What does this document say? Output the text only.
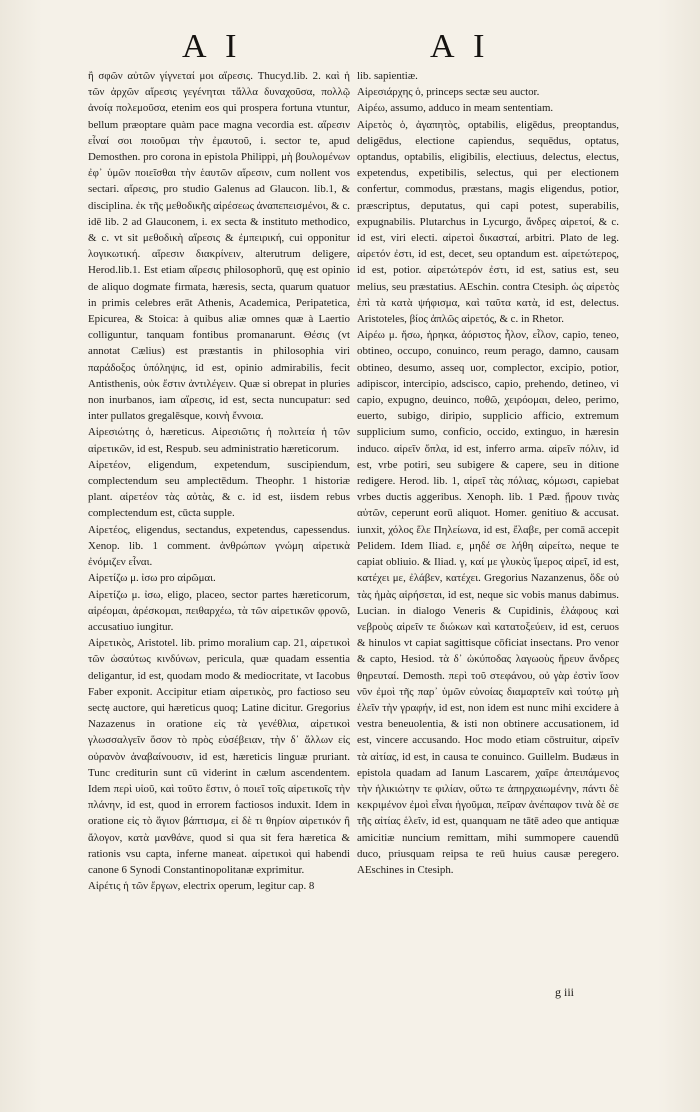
A I	A I

ἢ σφῶν αὐτῶν γίγνεταί μοι αἵρεσις. Thucyd.lib. 2. καὶ ἡ τῶν ἀρχῶν αἵρεσις γεγένηται τἄλλα δυναχοῦσα, πολλῷ ἀνοίᾳ πολεμοῦσα, etenim eos qui prospera fortuna vtuntur, bellum præoptare quàm pace magna vecordia est. αἵρεσιν εἶναί σοι ποιοῦμαι τὴν ἐμαυτοῦ, i. sector te, apud Demosthen. pro corona in epistola Philippi, μὴ βουλομένων ἐφ᾽ ὑμῶν ποιεῖσθαι τὴν ἑαυτῶν αἵρεσιν, cum nollent vos sectari. αἵρεσις, pro studio Galenus ad Glaucon. lib.1, & disciplina. ἐκ τῆς μεθοδικῆς αἱρέσεως ἀναπεπεισμένοι, & c. idē lib. 2 ad Glauconem, i. ex secta & instituto methodico, & c. vt sit μεθοδικὴ αἵρεσις & ἐμπειρική, cui opponitur λογικωτική. αἵρεσιν διακρίνειν, alterutrum deligere, Herod.lib.1. Est etiam αἵρεσις philosophorū, quę est opinio de aliquo dogmate firmata, hæresis, secta, quarum quatuor in primis celebres erāt Athenis, Academica, Peripatetica, Epicurea, & Stoica: à quibus aliæ omnes quæ à Laertio colliguntur, tanquam fontibus promanarunt. Θέσις (vt annotat Cælius) est præstantis in philosophia viri παράδοξος ὑπόληψις, id est, opinio admirabilis, fecit Antisthenis, οὐκ ἔστιν ἀντιλέγειν. Quæ si obrepat in pluries non inurbanos, iam αἵρεσις, id est, secta nuncupatur: sed inter pullatos gregalēsque, κοινὴ ἔννοια.

Αἱρεσιώτης ὁ, hæreticus. Αἱρεσιῶτις ἡ πολιτεία ἡ τῶν αἱρετικῶν, id est, Respub. seu administratio hæreticorum.

Αἱρετέον, eligendum, expetendum, suscipiendum, complectendum seu amplectēdum. Theophr. 1 historiæ plant. αἱρετέον τὰς αὐτὰς, & c. id est, iisdem rebus complectendum est, cūcta supple.

Αἱρετέος, eligendus, sectandus, expetendus, capessendus. Xenop. lib. 1 comment. ἀνθρώπων γνώμη αἱρετικὰ ἐνόμιζεν εἶναι.

Αἱρετίζω μ. ἰσω pro αἱρῶμαι.

Αἱρετίζω μ. ἰσω, eligo, placeo, sector partes hæreticorum, αἱρέομαι, ἀρέσκομαι, πειθαρχέω, τὰ τῶν αἱρετικῶν φρονῶ, accusatiuo iungitur.

Αἱρετικὸς, Aristotel. lib. primo moralium cap. 21, αἱρετικοὶ τῶν ὡσαύτως κινδύνων, pericula, quæ quadam essentia deligantur, id est, quodam modo & mediocritate, vt Iacobus Faber exponit. Accipitur etiam αἱρετικὸς, pro factioso seu sectę auctore, qui hæreticus quoq; Latine dicitur. Gregorius Nazazenus in oratione εἰς τὰ γενέθλια, αἱρετικοὶ γλωσσαλγεῖν ὅσον τὸ πρὸς εὐσέβειαν, τὴν δ᾽ ἄλλων εἰς οὐρανὸν ἀναβαίνουσιν, id est, hæreticis linguæ pruriant. Tunc crediturin sunt cū viderint in cælum ascendentem. Idem περὶ υἱοῦ, καὶ τοῦτο ἔστιν, ὁ ποιεῖ τοῖς αἱρετικοῖς τὴν πλάνην, id est, quod in errorem factiosos induxit. Idem in oratione εἰς τὸ ἅγιον βάπτισμα, εἰ δὲ τι θηρίον αἱρετικόν ἢ ἄλογον, κατὰ μανθάνε, quod si qua sit fera hæretica & rationis vsu capta, inferne maneat. αἱρετικοὶ qui habendi canone 6 Synodi Constantinopolitanæ exprimitur.

Αἱρέτις ἡ τῶν ἔργων, electrix operum, legitur cap. 8

lib. sapientiæ.

Αἱρεσιάρχης ὁ, princeps sectæ seu auctor.

Αἱρέω, assumo, adduco in meam sententiam.

Αἱρετὸς ὁ, ἀγαπητὸς, optabilis, eligēdus, preoptandus, deligēdus, electione capiendus, sequēdus, optatus, optandus, optabilis, eligibilis, electiuus, delectus, electus, expetendus, expetibilis, selectus, qui per electionem confertur, commodus, præstans, magis eligendus, potior, præscriptus, deputatus, qui capi potest, superabilis, expugnabilis. Plutarchus in Lycurgo, ἄνδρες αἱρετοί, & c. id est, viri electi. αἱρετοὶ δικασταί, arbitri. Plato de leg. αἱρετόν ἐστι, id est, decet, seu optandum est. αἱρετώτερος, id est, potior. αἱρετώτερόν ἐστι, id est, satius est, seu melius, seu præstatius. AEschin. contra Ctesiph. ὡς αἱρετὸς ἐπὶ τὰ κατὰ ψήφισμα, καὶ ταῦτα κατὰ, id est, delectus. Aristoteles, βίος ἁπλῶς αἱρετός, & c. in Rhetor.

Αἱρέω μ. ἥσω, ἡρηκα, ἀόριστος ἦλον, εἶλον, capio, teneo, obtineo, occupo, conuinco, reum perago, damno, causam obtineo, desumo, asseq uor, complector, excipio, potior, adipiscor, intercipio, adscisco, capio, prehendo, detineo, vi capio, expugno, deuinco, ποθῶ, χειρόομαι, deleo, perimo, euerto, subigo, diripio, supplicio afficio, extremum supplicium sumo, conficio, occido, extinguo, in hæresin induco. αἱρεῖν ὅπλα, id est, inferro arma. αἱρεῖν πόλιν, id est, vrbe potiri, seu subigere & capere, seu in ditione redigere. Herod. lib. 1, αἱρεῖ τὰς πόλιας, κόμωσι, capiebat vrbes ductis aggeribus. Xenoph. lib. 1 Pæd. ᾕρουν τινὰς αὐτῶν, ceperunt eorū aliquot. Homer. genitiuo & accusat. iunxit, χόλος ἕλε Πηλείωνα, id est, ἔλαβε, per comā accepit Pelidem. Idem Iliad. ε, μηδέ σε λήθη αἱρείτω, neque te capiat obliuio. & Iliad. γ, καί με γλυκὺς ἵμερος αἱρεῖ, id est, κατέχει με, ἐλάβεν, κατέχει. Gregorius Nazanzenus, ὅδε οὐ τὰς ἡμὰς αἱρήσεται, id est, neque sic vobis manus dabimus. Lucian. in dialogo Veneris & Cupidinis, ἐλάφους καὶ νεβροὺς αἱρεῖν τε διώκων καὶ κατατοξεύειν, id est, ceruos & hinulos vt capiat sagittisque cōficiat insectans. Pro venor & capto, Hesiod. τὰ δ᾽ ὠκύποδας λαγωοὺς ἥρευν ἄνδρες θηρευταί. Demosth. περὶ τοῦ στεφάνου, οὐ γὰρ ἐστὶν ἴσον νῦν ἐμοὶ τῆς παρ᾽ ὑμῶν εὐνοίας διαμαρτεῖν καὶ τούτῳ μὴ ἑλεῖν τὴν γραφήν, id est, non idem est nunc mihi excidere à vestra beneuolentia, & isti non obtinere accusationem, id est, vincere accusando. Hoc modo etiam cōstruitur, αἱρεῖν τὰ αἰτίας, id est, in causa te conuinco. Guillelm. Budæus in epistola quadam ad Ianum Lascarem, χαῖρε ἀπειπάμενος τὴν ἡλικιώτην τε φιλίαν, οὕτω τε ἀπηρχαιωμένην, πάντι δὲ κεκριμένον ἐμοὶ εἶναι ἡγοῦμαι, πεῖραν ἀνέπαφον τινὰ δὲ σε τῆς αἰτίας ἑλεῖν, id est, quanquam ne tātē adeo que antiquæ amicitiæ nuncium remittam, mihi summopere cauendū duco, priusquam reipsa te reū huius causæ peregero. AEschines in Ctesiph.

g iii
